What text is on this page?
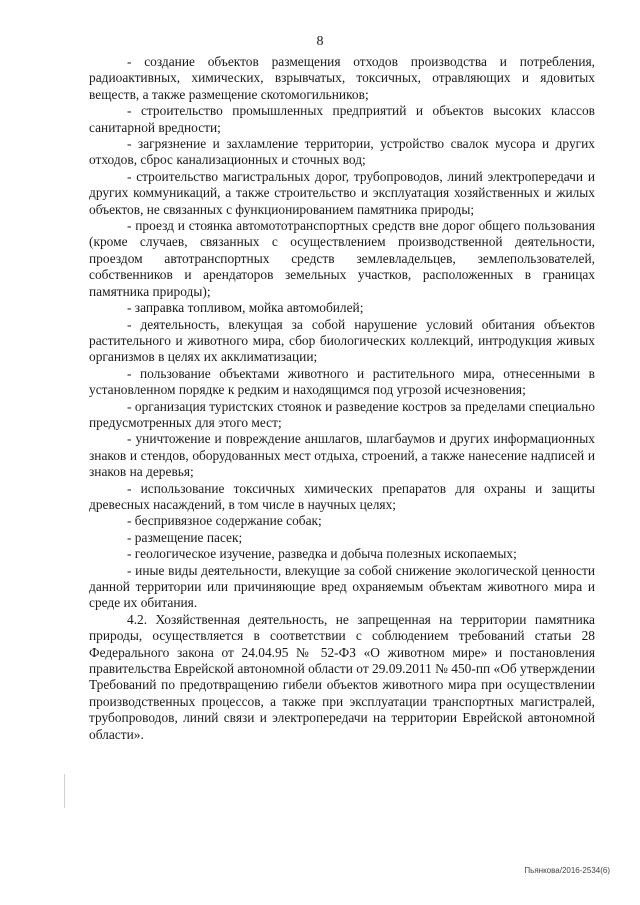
8

- создание объектов размещения отходов производства и потребления, радиоактивных, химических, взрывчатых, токсичных, отравляющих и ядовитых веществ, а также размещение скотомогильников;

- строительство промышленных предприятий и объектов высоких классов санитарной вредности;

- загрязнение и захламление территории, устройство свалок мусора и других отходов, сброс канализационных и сточных вод;

- строительство магистральных дорог, трубопроводов, линий электропередачи и других коммуникаций, а также строительство и эксплуатация хозяйственных и жилых объектов, не связанных с функционированием памятника природы;

- проезд и стоянка автомототранспортных средств вне дорог общего пользования (кроме случаев, связанных с осуществлением производственной деятельности, проездом автотранспортных средств землевладельцев, землепользователей, собственников и арендаторов земельных участков, расположенных в границах памятника природы);

- заправка топливом, мойка автомобилей;

- деятельность, влекущая за собой нарушение условий обитания объектов растительного и животного мира, сбор биологических коллекций, интродукция живых организмов в целях их акклиматизации;

- пользование объектами животного и растительного мира, отнесенными в установленном порядке к редким и находящимся под угрозой исчезновения;

- организация туристских стоянок и разведение костров за пределами специально предусмотренных для этого мест;

- уничтожение и повреждение аншлагов, шлагбаумов и других информационных знаков и стендов, оборудованных мест отдыха, строений, а также нанесение надписей и знаков на деревья;

- использование токсичных химических препаратов для охраны и защиты древесных насаждений, в том числе в научных целях;

- беспривязное содержание собак;

- размещение пасек;

- геологическое изучение, разведка и добыча полезных ископаемых;

- иные виды деятельности, влекущие за собой снижение экологической ценности данной территории или причиняющие вред охраняемым объектам животного мира и среде их обитания.

4.2. Хозяйственная деятельность, не запрещенная на территории памятника природы, осуществляется в соответствии с соблюдением требований статьи 28 Федерального закона от 24.04.95 № 52-ФЗ «О животном мире» и постановления правительства Еврейской автономной области от 29.09.2011 № 450-пп «Об утверждении Требований по предотвращению гибели объектов животного мира при осуществлении производственных процессов, а также при эксплуатации транспортных магистралей, трубопроводов, линий связи и электропередачи на территории Еврейской автономной области».

Пьянкова/2016-2534(6)
